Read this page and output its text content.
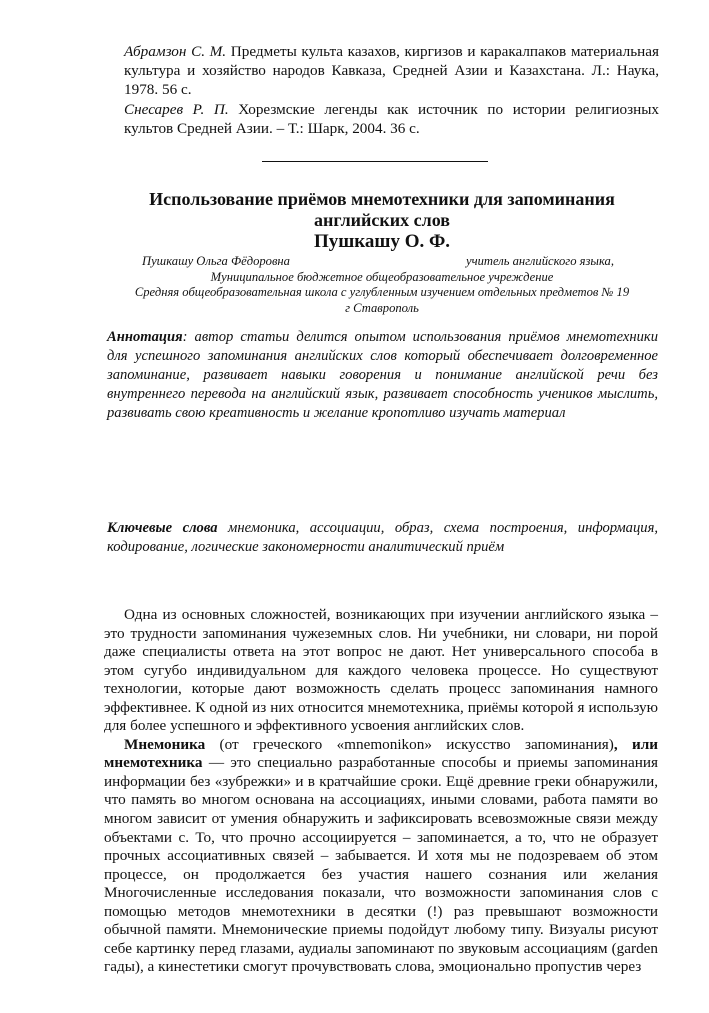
Абрамзон С. М. Предметы культа казахов, киргизов и каракалпаков материальная культура и хозяйство народов Кавказа, Средней Азии и Казахстана. Л.: Наука, 1978. 56 с.

Снесарев Р. П. Хорезмские легенды как источник по истории религиозных культов Средней Азии. – Т.: Шарк, 2004. 36 с.

Использование приёмов мнемотехники для запоминания
английских слов
Пушкашу О. Ф.
Пушкашу Ольга Фёдоровна	учитель английского языка,
Муниципальное бюджетное общеобразовательное учреждение
Средняя общеобразовательная школа с углубленным изучением отдельных предметов № 19
г Ставрополь
Аннотация: автор статьи делится опытом использования приёмов мнемотехники для успешного запоминания английских слов который обеспечивает долговременное запоминание, развивает навыки говорения и понимание английской речи без внутреннего перевода на английский язык, развивает способность учеников мыслить, развивать свою креативность и желание кропотливо изучать материал
Ключевые слова мнемоника, ассоциации, образ, схема построения, информация, кодирование, логические закономерности аналитический приём

Одна из основных сложностей, возникающих при изучении английского языка – это трудности запоминания чужеземных слов. Ни учебники, ни словари, ни порой даже специалисты ответа на этот вопрос не дают. Нет универсального способа в этом сугубо индивидуальном для каждого человека процессе. Но существуют технологии, которые дают возможность сделать процесс запоминания намного эффективнее. К одной из них относится мнемотехника, приёмы которой я использую для более успешного и эффективного усвоения английских слов.

Мнемоника (от греческого «mnemonikon» искусство запоминания), или мнемотехника — это специально разработанные способы и приемы запоминания информации без «зубрежки» и в кратчайшие сроки. Ещё древние греки обнаружили, что память во многом основана на ассоциациях, иными словами, работа памяти во многом зависит от умения обнаружить и зафиксировать всевозможные связи между объектами с. То, что прочно ассоциируется – запоминается, а то, что не образует прочных ассоциативных связей – забывается. И хотя мы не подозреваем об этом процессе, он продолжается без участия нашего сознания или желания Многочисленные исследования показали, что возможности запоминания слов с помощью методов мнемотехники в десятки (!) раз превышают возможности обычной памяти. Мнемонические приемы подойдут любому типу. Визуалы рисуют себе картинку перед глазами, аудиалы запоминают по звуковым ассоциациям (garden гады), а кинестетики смогут прочувствовать слова, эмоционально пропустив через
